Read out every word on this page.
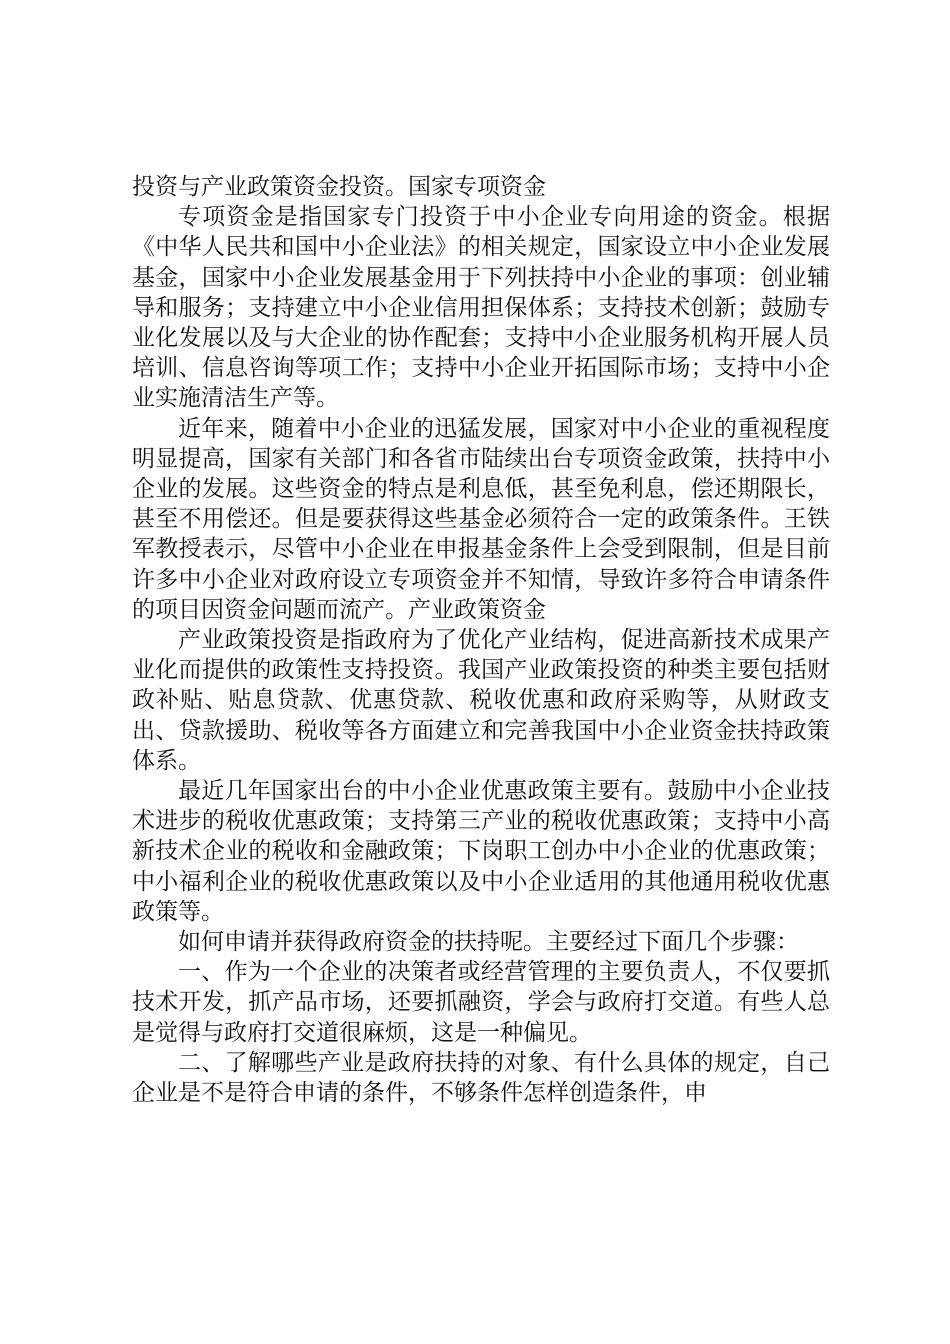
投资与产业政策资金投资。国家专项资金

专项资金是指国家专门投资于中小企业专向用途的资金。根据《中华人民共和国中小企业法》的相关规定，国家设立中小企业发展基金，国家中小企业发展基金用于下列扶持中小企业的事项：创业辅导和服务；支持建立中小企业信用担保体系；支持技术创新；鼓励专业化发展以及与大企业的协作配套；支持中小企业服务机构开展人员培训、信息咨询等项工作；支持中小企业开拓国际市场；支持中小企业实施清洁生产等。

近年来，随着中小企业的迅猛发展，国家对中小企业的重视程度明显提高，国家有关部门和各省市陆续出台专项资金政策，扶持中小企业的发展。这些资金的特点是利息低，甚至免利息，偿还期限长，甚至不用偿还。但是要获得这些基金必须符合一定的政策条件。王铁军教授表示，尽管中小企业在申报基金条件上会受到限制，但是目前许多中小企业对政府设立专项资金并不知情，导致许多符合申请条件的项目因资金问题而流产。产业政策资金

产业政策投资是指政府为了优化产业结构，促进高新技术成果产业化而提供的政策性支持投资。我国产业政策投资的种类主要包括财政补贴、贴息贷款、优惠贷款、税收优惠和政府采购等，从财政支出、贷款援助、税收等各方面建立和完善我国中小企业资金扶持政策体系。

最近几年国家出台的中小企业优惠政策主要有。鼓励中小企业技术进步的税收优惠政策；支持第三产业的税收优惠政策；支持中小高新技术企业的税收和金融政策；下岗职工创办中小企业的优惠政策；中小福利企业的税收优惠政策以及中小企业适用的其他通用税收优惠政策等。

如何申请并获得政府资金的扶持呢。主要经过下面几个步骤：

一、作为一个企业的决策者或经营管理的主要负责人，不仅要抓技术开发，抓产品市场，还要抓融资，学会与政府打交道。有些人总是觉得与政府打交道很麻烦，这是一种偏见。

二、了解哪些产业是政府扶持的对象、有什么具体的规定，自己企业是不是符合申请的条件，不够条件怎样创造条件，申
